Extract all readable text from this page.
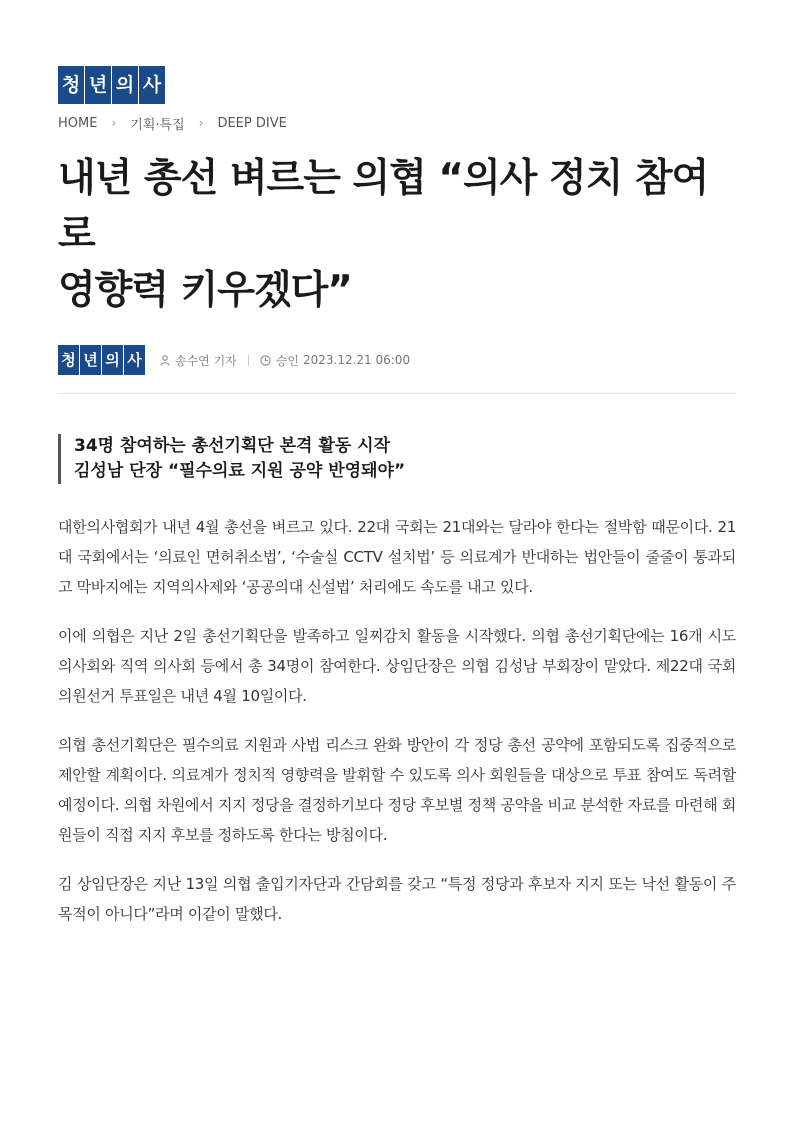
청 년 의 사
HOME › 기획·특집 › DEEP DIVE
내년 총선 벼르는 의협 “의사 정치 참여로
영향력 키우겠다”
청 년 의 사	송수연 기자	승인 2023.12.21 06:00
34명 참여하는 총선기획단 본격 활동 시작
김성남 단장 “필수의료 지원 공약 반영돼야”

대한의사협회가 내년 4월 총선을 벼르고 있다. 22대 국회는 21대와는 달라야 한다는 절박함 때문이다. 21대 국회에서는 ‘의료인 면허취소법’, ‘수술실 CCTV 설치법’ 등 의료계가 반대하는 법안들이 줄줄이 통과되고 막바지에는 지역의사제와 ‘공공의대 신설법’ 처리에도 속도를 내고 있다.

이에 의협은 지난 2일 총선기획단을 발족하고 일찌감치 활동을 시작했다. 의협 총선기획단에는 16개 시도의사회와 직역 의사회 등에서 총 34명이 참여한다. 상임단장은 의협 김성남 부회장이 맡았다. 제22대 국회의원선거 투표일은 내년 4월 10일이다.

의협 총선기획단은 필수의료 지원과 사법 리스크 완화 방안이 각 정당 총선 공약에 포함되도록 집중적으로 제안할 계획이다. 의료계가 정치적 영향력을 발휘할 수 있도록 의사 회원들을 대상으로 투표 참여도 독려할 예정이다. 의협 차원에서 지지 정당을 결정하기보다 정당 후보별 정책 공약을 비교 분석한 자료를 마련해 회원들이 직접 지지 후보를 정하도록 한다는 방침이다.

김 상임단장은 지난 13일 의협 출입기자단과 간담회를 갖고 “특정 정당과 후보자 지지 또는 낙선 활동이 주목적이 아니다”라며 이같이 말했다.
